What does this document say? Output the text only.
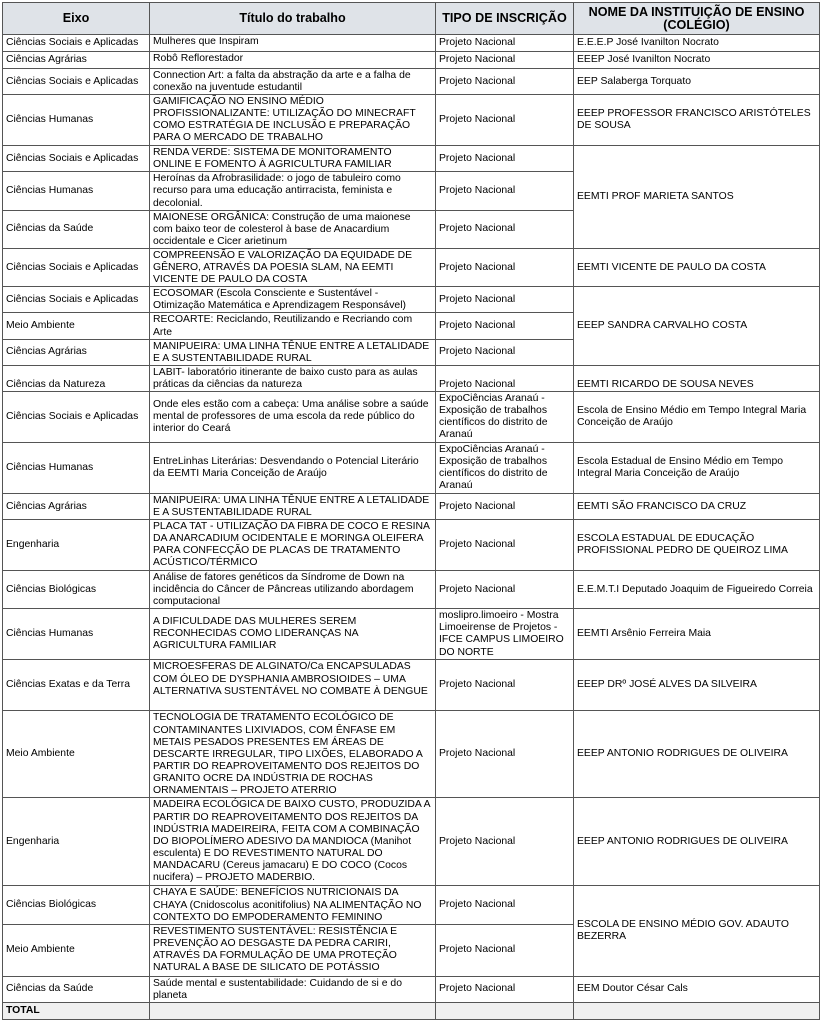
Eixo	Título do trabalho	TIPO DE INSCRIÇÃO	NOME DA INSTITUIÇÃO DE ENSINO (COLÉGIO)
Ciências Sociais e Aplicadas	Mulheres que Inspiram	Projeto Nacional	E.E.E.P José Ivanilton Nocrato
Ciências Agrárias	Robô Reflorestador	Projeto Nacional	EEEP José Ivanilton Nocrato
Ciências Sociais e Aplicadas	Connection Art: a falta da abstração da arte e a falha de conexão na juventude estudantil	Projeto Nacional	EEP Salaberga Torquato
Ciências Humanas	GAMIFICAÇÃO NO ENSINO MÉDIO PROFISSIONALIZANTE: UTILIZAÇÃO DO MINECRAFT COMO ESTRATÉGIA DE INCLUSÃO E PREPARAÇÃO PARA O MERCADO DE TRABALHO	Projeto Nacional	EEEP PROFESSOR FRANCISCO ARISTÓTELES DE SOUSA
Ciências Sociais e Aplicadas	RENDA VERDE: SISTEMA DE MONITORAMENTO ONLINE E FOMENTO À AGRICULTURA FAMILIAR	Projeto Nacional	EEMTI PROF MARIETA SANTOS
Ciências Humanas	Heroínas da Afrobrasilidade: o jogo de tabuleiro como recurso para uma educação antirracista, feminista e decolonial.	Projeto Nacional	
Ciências da Saúde	MAIONESE ORGÂNICA: Construção de uma maionese com baixo teor de colesterol à base de Anacardium occidentale e Cicer arietinum	Projeto Nacional	
Ciências Sociais e Aplicadas	COMPREENSÃO E VALORIZAÇÃO DA EQUIDADE DE GÊNERO, ATRAVÉS DA POESIA SLAM, NA EEMTI VICENTE DE PAULO DA COSTA	Projeto Nacional	EEMTI VICENTE DE PAULO DA COSTA
Ciências Sociais e Aplicadas	ECOSOMAR (Escola Consciente e Sustentável - Otimização Matemática e Aprendizagem Responsável)	Projeto Nacional	EEEP SANDRA CARVALHO COSTA
Meio Ambiente	RECOARTE: Reciclando, Reutilizando e Recriando com Arte	Projeto Nacional	
Ciências Agrárias	MANIPUEIRA: UMA LINHA TÊNUE ENTRE A LETALIDADE E A SUSTENTABILIDADE RURAL	Projeto Nacional	
Ciências da Natureza	LABIT- laboratório itinerante de baixo custo para as aulas práticas da ciências da natureza	Projeto Nacional	EEMTI RICARDO DE SOUSA NEVES
Ciências Sociais e Aplicadas	Onde eles estão com a cabeça: Uma análise sobre a saúde mental de professores de uma escola da rede público do interior do Ceará	ExpoCiências Aranaú - Exposição de trabalhos científicos do distrito de Aranaú	Escola de Ensino Médio em Tempo Integral Maria Conceição de Araújo
Ciências Humanas	EntreLinhas Literárias: Desvendando o Potencial Literário da EEMTI Maria Conceição de Araújo	ExpoCiências Aranaú - Exposição de trabalhos científicos do distrito de Aranaú	Escola Estadual de Ensino Médio em Tempo Integral Maria Conceição de Araújo
Ciências Agrárias	MANIPUEIRA: UMA LINHA TÊNUE ENTRE A LETALIDADE E A SUSTENTABILIDADE RURAL	Projeto Nacional	EEMTI SÃO FRANCISCO DA CRUZ
Engenharia	PLACA TAT - UTILIZAÇÃO DA FIBRA DE COCO E RESINA DA ANARCADIUM OCIDENTALE E MORINGA OLEIFERA PARA CONFECÇÃO DE PLACAS DE TRATAMENTO ACÚSTICO/TÉRMICO	Projeto Nacional	ESCOLA ESTADUAL DE EDUCAÇÃO PROFISSIONAL PEDRO DE QUEIROZ LIMA
Ciências Biológicas	Análise de fatores genéticos da Síndrome de Down na incidência do Câncer de Pâncreas utilizando abordagem computacional	Projeto Nacional	E.E.M.T.I Deputado Joaquim de Figueiredo Correia
Ciências Humanas	A DIFICULDADE DAS MULHERES SEREM RECONHECIDAS COMO LIDERANÇAS NA AGRICULTURA FAMILIAR	moslipro.limoeiro - Mostra Limoeirense de Projetos - IFCE CAMPUS LIMOEIRO DO NORTE	EEMTI Arsênio Ferreira Maia
Ciências Exatas e da Terra	MICROESFERAS DE ALGINATO/Ca ENCAPSULADAS COM ÓLEO DE DYSPHANIA AMBROSIOIDES – UMA ALTERNATIVA SUSTENTÁVEL NO COMBATE À DENGUE	Projeto Nacional	EEEP DRº JOSÉ ALVES DA SILVEIRA
Meio Ambiente	TECNOLOGIA DE TRATAMENTO ECOLÓGICO DE CONTAMINANTES LIXIVIADOS, COM ÊNFASE EM METAIS PESADOS PRESENTES EM ÁREAS DE DESCARTE IRREGULAR, TIPO LIXÕES, ELABORADO A PARTIR DO REAPROVEITAMENTO DOS REJEITOS DO GRANITO OCRE DA INDÚSTRIA DE ROCHAS ORNAMENTAIS – PROJETO ATERRIO	Projeto Nacional	EEEP ANTONIO RODRIGUES DE OLIVEIRA
Engenharia	MADEIRA ECOLÓGICA DE BAIXO CUSTO, PRODUZIDA A PARTIR DO REAPROVEITAMENTO DOS REJEITOS DA INDÚSTRIA MADEIREIRA, FEITA COM A COMBINAÇÃO DO BIOPOLÍMERO ADESIVO DA MANDIOCA (Manihot esculenta) E DO REVESTIMENTO NATURAL DO MANDACARU (Cereus jamacaru) E DO COCO (Cocos nucifera) – PROJETO MADERBIO.	Projeto Nacional	EEEP ANTONIO RODRIGUES DE OLIVEIRA
Ciências Biológicas	CHAYA E SAÚDE: BENEFÍCIOS NUTRICIONAIS DA CHAYA (Cnidoscolus aconitifolius) NA ALIMENTAÇÃO NO CONTEXTO DO EMPODERAMENTO FEMININO	Projeto Nacional	ESCOLA DE ENSINO MÉDIO GOV. ADAUTO BEZERRA
Meio Ambiente	REVESTIMENTO SUSTENTÁVEL: RESISTÊNCIA E PREVENÇÃO AO DESGASTE DA PEDRA CARIRI, ATRAVÉS DA FORMULAÇÃO DE UMA PROTEÇÃO NATURAL A BASE DE SILICATO DE POTÁSSIO	Projeto Nacional	
Ciências da Saúde	Saúde mental e sustentabilidade: Cuidando de si e do planeta	Projeto Nacional	EEM Doutor César Cals
TOTAL			
